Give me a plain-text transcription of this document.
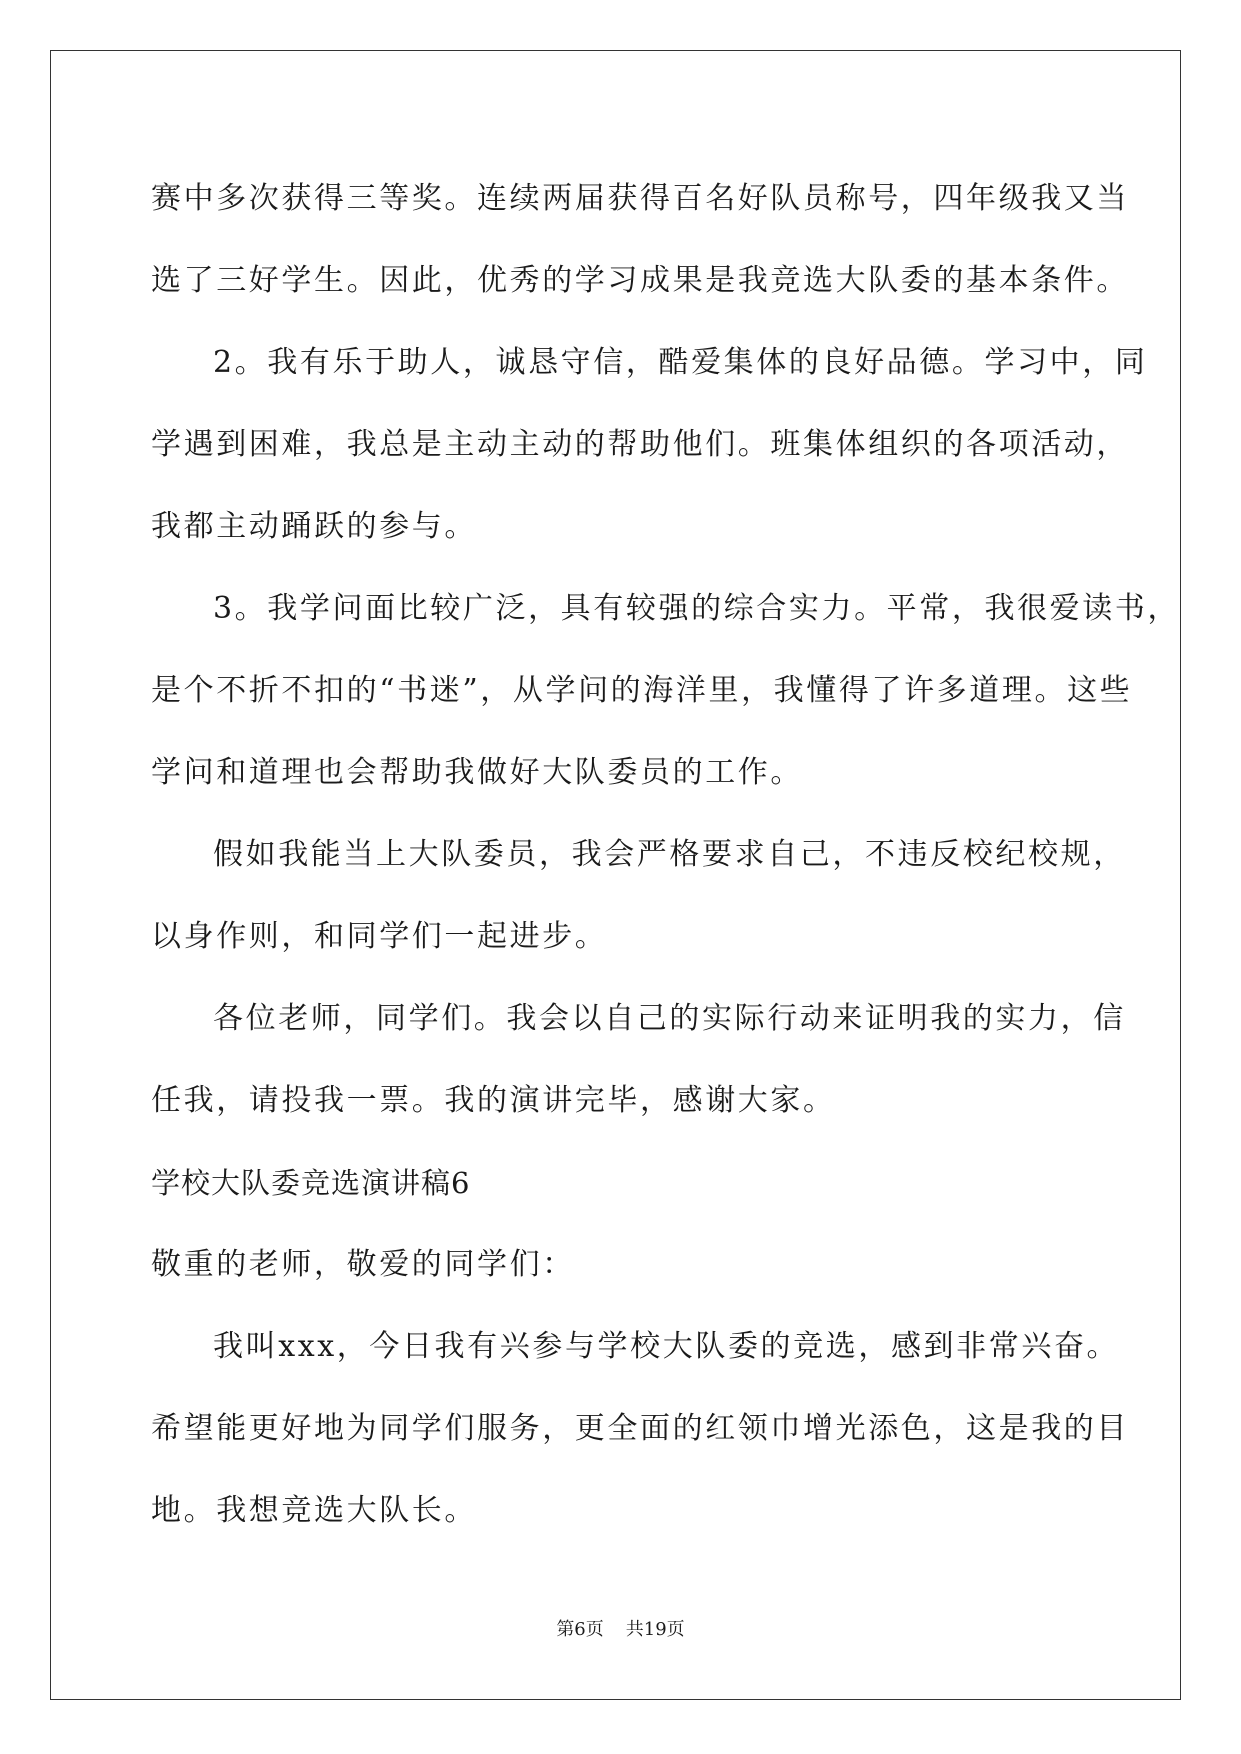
赛中多次获得三等奖。连续两届获得百名好队员称号，四年级我又当
选了三好学生。因此，优秀的学习成果是我竞选大队委的基本条件。
2。我有乐于助人，诚恳守信，酷爱集体的良好品德。学习中，同
学遇到困难，我总是主动主动的帮助他们。班集体组织的各项活动，
我都主动踊跃的参与。
3。我学问面比较广泛，具有较强的综合实力。平常，我很爱读书，
是个不折不扣的“书迷”，从学问的海洋里，我懂得了许多道理。这些
学问和道理也会帮助我做好大队委员的工作。
假如我能当上大队委员，我会严格要求自己，不违反校纪校规，
以身作则，和同学们一起进步。
各位老师，同学们。我会以自己的实际行动来证明我的实力，信
任我，请投我一票。我的演讲完毕，感谢大家。
学校大队委竞选演讲稿6
敬重的老师，敬爱的同学们：
我叫xxx，今日我有兴参与学校大队委的竞选，感到非常兴奋。
希望能更好地为同学们服务，更全面的红领巾增光添色，这是我的目
地。我想竞选大队长。
第6页 共19页
